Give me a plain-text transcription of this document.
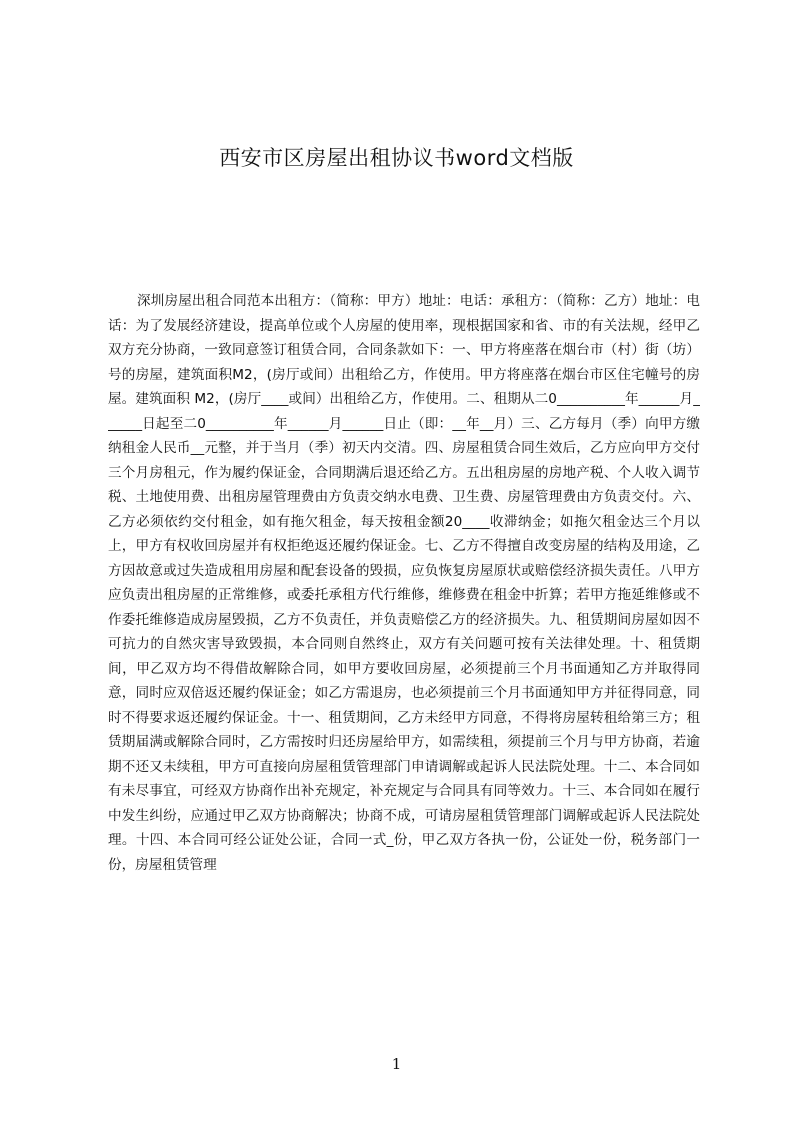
西安市区房屋出租协议书word文档版

深圳房屋出租合同范本出租方：（简称：甲方）地址：电话：承租方：（简称：乙方）地址：电话：为了发展经济建设，提高单位或个人房屋的使用率，现根据国家和省、市的有关法规，经甲乙双方充分协商，一致同意签订租赁合同，合同条款如下：一、甲方将座落在烟台市（村）街（坊）号的房屋，建筑面积M2，(房厅或间）出租给乙方，作使用。甲方将座落在烟台市区住宅幢号的房屋。建筑面积 M2，(房厅____或间）出租给乙方，作使用。二、租期从二0__________年______月______日起至二0__________年______月______日止（即：__年__月）三、乙方每月（季）向甲方缴纳租金人民币__元整，并于当月（季）初天内交清。四、房屋租赁合同生效后，乙方应向甲方交付三个月房租元，作为履约保证金，合同期满后退还给乙方。五出租房屋的房地产税、个人收入调节税、土地使用费、出租房屋管理费由方负责交纳水电费、卫生费、房屋管理费由方负责交付。六、乙方必须依约交付租金，如有拖欠租金，每天按租金额20____收滞纳金；如拖欠租金达三个月以上，甲方有权收回房屋并有权拒绝返还履约保证金。七、乙方不得擅自改变房屋的结构及用途，乙方因故意或过失造成租用房屋和配套设备的毁损，应负恢复房屋原状或赔偿经济损失责任。八甲方应负责出租房屋的正常维修，或委托承租方代行维修，维修费在租金中折算；若甲方拖延维修或不作委托维修造成房屋毁损，乙方不负责任，并负责赔偿乙方的经济损失。九、租赁期间房屋如因不可抗力的自然灾害导致毁损，本合同则自然终止，双方有关问题可按有关法律处理。十、租赁期间，甲乙双方均不得借故解除合同，如甲方要收回房屋，必须提前三个月书面通知乙方并取得同意，同时应双倍返还履约保证金；如乙方需退房，也必须提前三个月书面通知甲方并征得同意，同时不得要求返还履约保证金。十一、租赁期间，乙方未经甲方同意，不得将房屋转租给第三方；租赁期届满或解除合同时，乙方需按时归还房屋给甲方，如需续租，须提前三个月与甲方协商，若逾期不还又未续租，甲方可直接向房屋租赁管理部门申请调解或起诉人民法院处理。十二、本合同如有未尽事宜，可经双方协商作出补充规定，补充规定与合同具有同等效力。十三、本合同如在履行中发生纠纷，应通过甲乙双方协商解决；协商不成，可请房屋租赁管理部门调解或起诉人民法院处理。十四、本合同可经公证处公证，合同一式_份，甲乙双方各执一份，公证处一份，税务部门一份，房屋租赁管理

1
